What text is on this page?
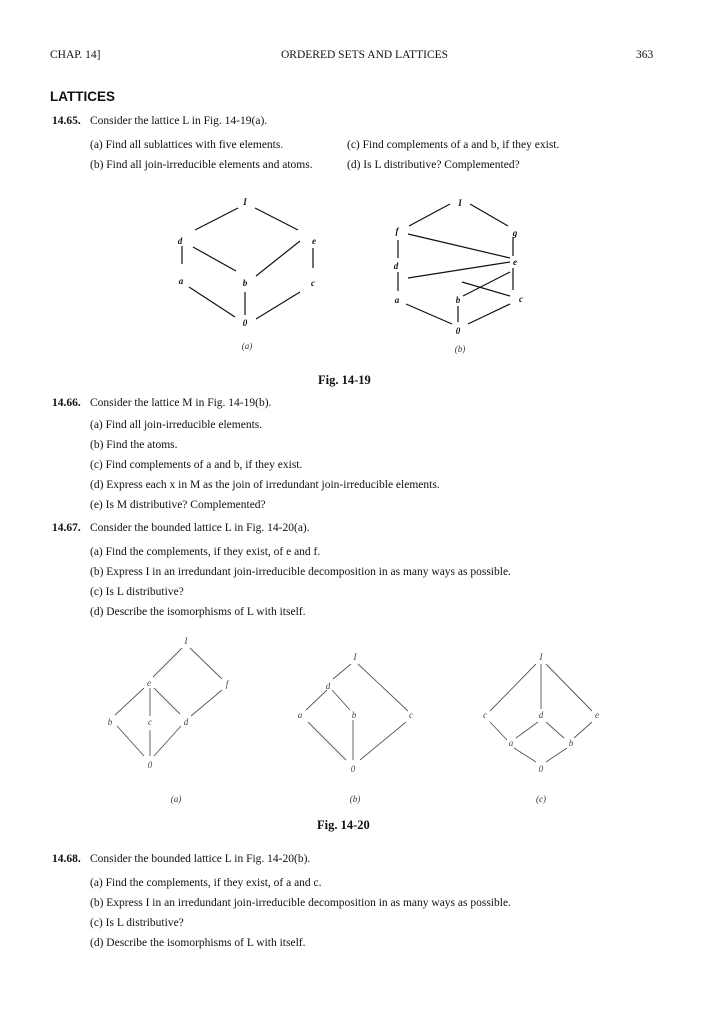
CHAP. 14]	ORDERED SETS AND LATTICES	363
LATTICES
14.65. Consider the lattice L in Fig. 14-19(a).
(a) Find all sublattices with five elements.	(c) Find complements of a and b, if they exist.
(b) Find all join-irreducible elements and atoms.	(d) Is L distributive? Complemented?
I
d	e
a	b	c
0
(a)
I
f	g
d	e
a	b	c
0
(b)
Fig. 14-19
14.66. Consider the lattice M in Fig. 14-19(b).
(a) Find all join-irreducible elements.
(b) Find the atoms.
(c) Find complements of a and b, if they exist.
(d) Express each x in M as the join of irredundant join-irreducible elements.
(e) Is M distributive? Complemented?
14.67. Consider the bounded lattice L in Fig. 14-20(a).
(a) Find the complements, if they exist, of e and f.
(b) Express I in an irredundant join-irreducible decomposition in as many ways as possible.
(c) Is L distributive?
(d) Describe the isomorphisms of L with itself.
I
e	f
b	c	d
0
(a)
I
d
a	b	c
0
(b)
I
c	d	e
a	b
0
(c)
Fig. 14-20
14.68. Consider the bounded lattice L in Fig. 14-20(b).
(a) Find the complements, if they exist, of a and c.
(b) Express I in an irredundant join-irreducible decomposition in as many ways as possible.
(c) Is L distributive?
(d) Describe the isomorphisms of L with itself.
